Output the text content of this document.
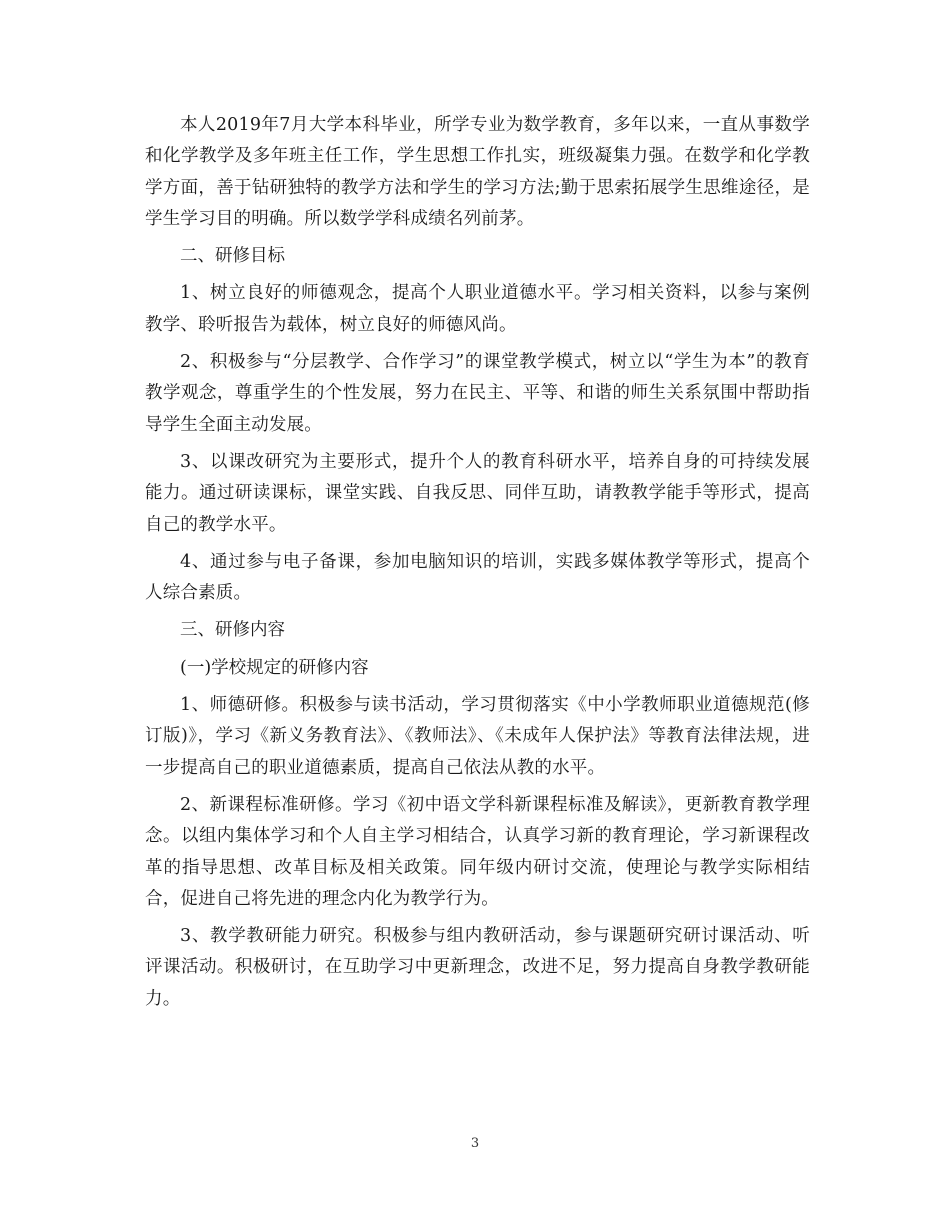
本人2019年7月大学本科毕业，所学专业为数学教育，多年以来，一直从事数学和化学教学及多年班主任工作，学生思想工作扎实，班级凝集力强。在数学和化学教学方面，善于钻研独特的教学方法和学生的学习方法;勤于思索拓展学生思维途径，是学生学习目的明确。所以数学学科成绩名列前茅。

二、研修目标

1、树立良好的师德观念，提高个人职业道德水平。学习相关资料，以参与案例教学、聆听报告为载体，树立良好的师德风尚。

2、积极参与“分层教学、合作学习”的课堂教学模式，树立以“学生为本”的教育教学观念，尊重学生的个性发展，努力在民主、平等、和谐的师生关系氛围中帮助指导学生全面主动发展。

3、以课改研究为主要形式，提升个人的教育科研水平，培养自身的可持续发展能力。通过研读课标，课堂实践、自我反思、同伴互助，请教教学能手等形式，提高自己的教学水平。

4、通过参与电子备课，参加电脑知识的培训，实践多媒体教学等形式，提高个人综合素质。

三、研修内容

(一)学校规定的研修内容

1、师德研修。积极参与读书活动，学习贯彻落实《中小学教师职业道德规范(修订版)》，学习《新义务教育法》、《教师法》、《未成年人保护法》等教育法律法规，进一步提高自己的职业道德素质，提高自己依法从教的水平。

2、新课程标准研修。学习《初中语文学科新课程标准及解读》，更新教育教学理念。以组内集体学习和个人自主学习相结合，认真学习新的教育理论，学习新课程改革的指导思想、改革目标及相关政策。同年级内研讨交流，使理论与教学实际相结合，促进自己将先进的理念内化为教学行为。

3、教学教研能力研究。积极参与组内教研活动，参与课题研究研讨课活动、听评课活动。积极研讨，在互助学习中更新理念，改进不足，努力提高自身教学教研能力。

3
